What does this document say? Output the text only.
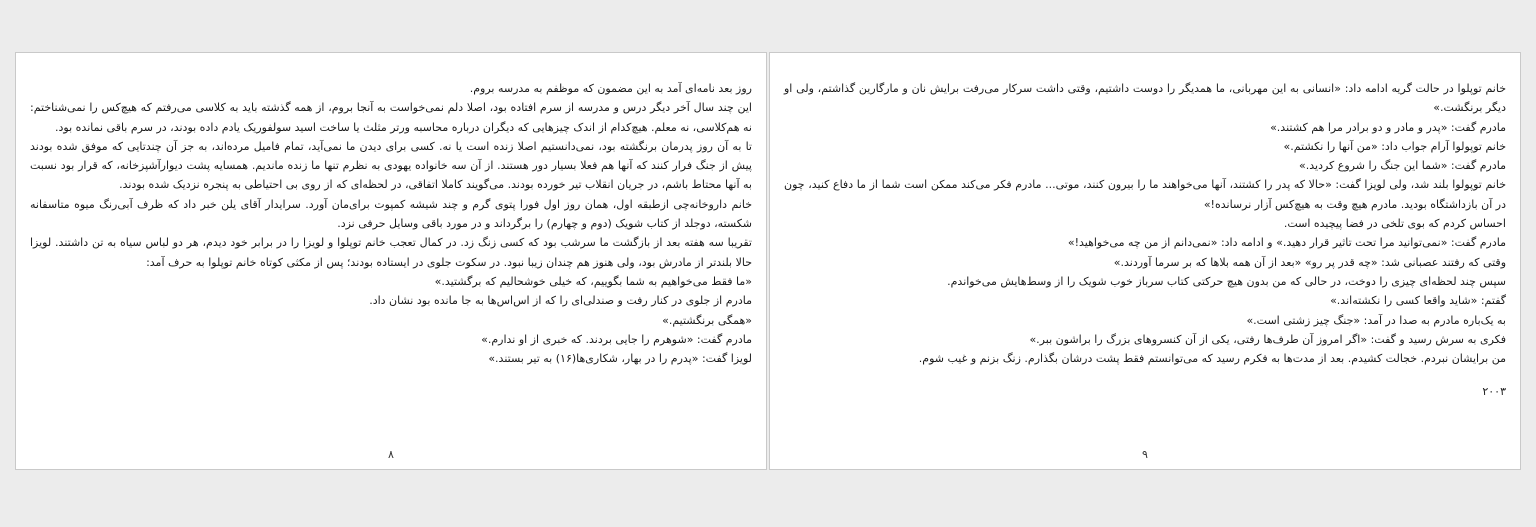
روز بعد نامه‌ای آمد به این مضمون که موظفم به مدرسه بروم.

این چند سال آخر دیگر درس و مدرسه از سرم افتاده بود، اصلا دلم نمی‌خواست به آنجا بروم، از همه گذشته باید به کلاسی می‌رفتم که هیچ‌کس را نمی‌شناختم: نه هم‌کلاسی، نه معلم. هیچ‌کدام از اندک چیزهایی که دیگران درباره محاسبه ورتر مثلث یا ساخت اسید سولفوریک یادم داده بودند، در سرم باقی نمانده بود.

تا به آن روز پدرمان برنگشته بود، نمی‌دانستیم اصلا زنده است یا نه. کسی برای دیدن ما نمی‌آید، تمام فامیل مرده‌اند، به جز آن چندتایی که موفق شده بودند پیش از جنگ فرار کنند که آنها هم فعلا بسیار دور هستند. از آن سه خانواده یهودی به نظرم تنها ما زنده ماندیم. همسایه پشت دیوارآشپزخانه، که قرار بود نسبت به آنها محتاط باشم، در جریان انقلاب تیر خورده بودند. می‌گویند کاملا اتفاقی، در لحظه‌ای که از روی بی احتیاطی به پنجره نزدیک شده بودند.

خانم داروخانه‌چی ازطبقه اول، همان روز اول فورا پتوی گرم و چند شیشه کمپوت برای‌مان آورد. سرایدار آقای یلن خبر داد که ظرف آبی‌رنگ میوه متاسفانه شکسته، دوجلد از کتاب شویک (دوم و چهارم) را برگرداند و در مورد باقی وسایل حرفی نزد.

تقریبا سه هفته بعد از بازگشت ما سرشب بود که کسی زنگ زد. در کمال تعجب خانم توپلوا و لویزا را در برابر خود دیدم، هر دو لباس سیاه به تن داشتند. لویزا حالا بلندتر از مادرش بود، ولی هنوز هم چندان زیبا نبود. در سکوت جلوی در ایستاده بودند؛ پس از مکثی کوتاه خانم توپلوا به حرف آمد:

«ما فقط می‌خواهیم به شما بگوییم، که خیلی خوشحالیم که برگشتید.»

مادرم از جلوی در کنار رفت و صندلی‌ای را که از اس‌اس‌ها به جا مانده بود نشان داد.

«همگی برنگشتیم.»

مادرم گفت: «شوهرم را جایی بردند. که خبری از او ندارم.»

لویزا گفت: «پدرم را در بهار، شکاری‌ها(۱۶) به تیر بستند.»

۸

خانم توپلوا در حالت گریه ادامه داد: «انسانی به این مهربانی، ما همدیگر را دوست داشتیم، وقتی داشت سرکار می‌رفت برایش نان و مارگارین گذاشتم، ولی او دیگر برنگشت.»

مادرم گفت: «پدر و مادر و دو برادر مرا هم کشتند.»

خانم توپولوا آرام جواب داد: «من آنها را نکشتم.»

مادرم گفت: «شما این جنگ را شروع کردید.»

خانم توپولوا بلند شد، ولی لویزا گفت: «حالا که پدر را کشتند، آنها می‌خواهند ما را بیرون کنند، موتی... مادرم فکر می‌کند ممکن است شما از ما دفاع کنید، چون در آن بازداشتگاه بودید. مادرم هیچ وقت به هیچ‌کس آزار نرسانده!»

احساس کردم که بوی تلخی در فضا پیچیده است.

مادرم گفت: «نمی‌توانید مرا تحت تاثیر قرار دهید.» و ادامه داد: «نمی‌دانم از من چه می‌خواهید!»

وقتی که رفتند عصبانی شد: «چه قدر پر رو» «بعد از آن همه بلاها که بر سرما آوردند.»

سپس چند لحظه‌ای چیزی را دوخت، در حالی که من بدون هیچ حرکتی کتاب سرباز خوب شویک را از وسط‌هایش می‌خواندم.

گفتم: «شاید واقعا کسی را نکشته‌اند.»

به یک‌باره مادرم به صدا در آمد: «جنگ چیز زشتی است.»

فکری به سرش رسید و گفت: «اگر امروز آن طرف‌ها رفتی، یکی از آن کنسروهای بزرگ را براشون ببر.»

من برایشان نبردم. خجالت کشیدم. بعد از مدت‌ها به فکرم رسید که می‌توانستم فقط پشت درشان بگذارم. زنگ بزنم و غیب شوم.

۲۰۰۳

۹
